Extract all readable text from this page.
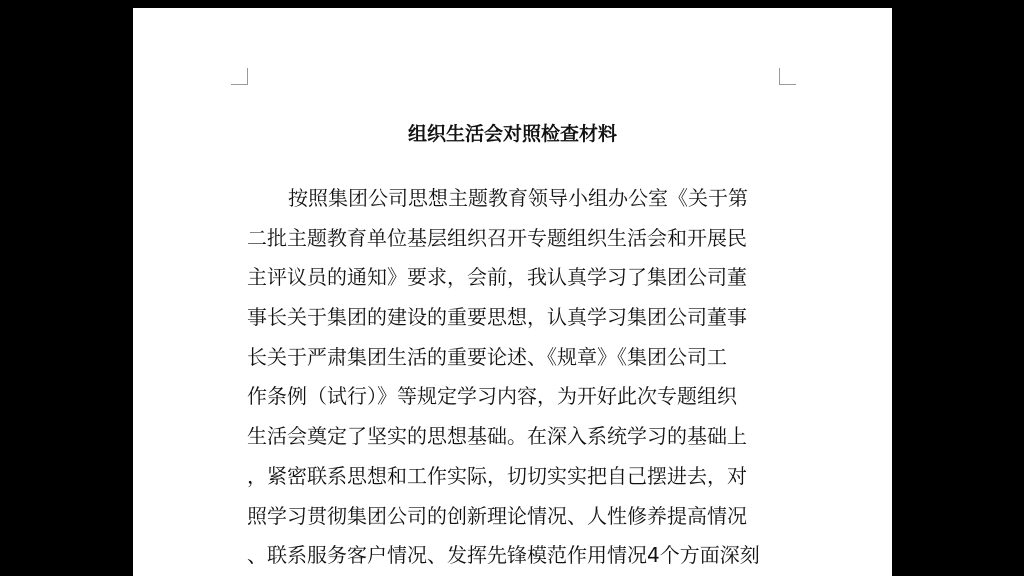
组织生活会对照检查材料
按照集团公司思想主题教育领导小组办公室《关于第
二批主题教育单位基层组织召开专题组织生活会和开展民
主评议员的通知》要求，会前，我认真学习了集团公司董
事长关于集团的建设的重要思想，认真学习集团公司董事
长关于严肃集团生活的重要论述、《规章》《集团公司工
作条例（试行）》等规定学习内容，为开好此次专题组织
生活会奠定了坚实的思想基础。在深入系统学习的基础上
，紧密联系思想和工作实际，切切实实把自己摆进去，对
照学习贯彻集团公司的创新理论情况、人性修养提高情况
、联系服务客户情况、发挥先锋模范作用情况4个方面深刻
